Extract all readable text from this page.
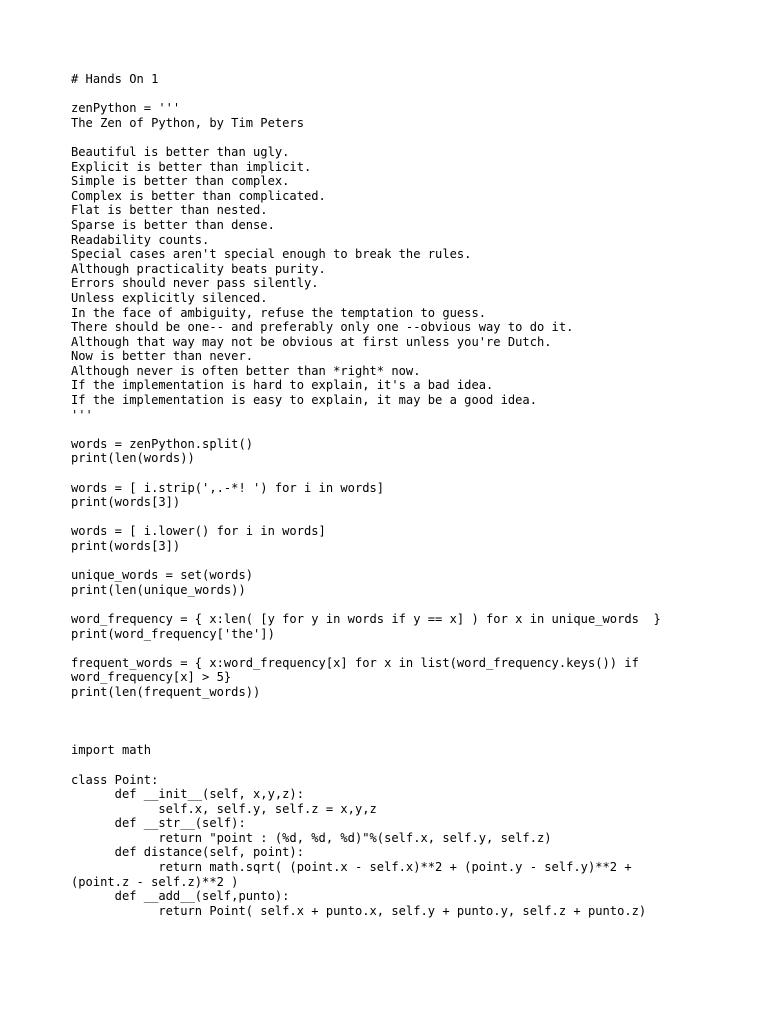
# Hands On 1
zenPython = '''
The Zen of Python, by Tim Peters
Beautiful is better than ugly.
Explicit is better than implicit.
Simple is better than complex.
Complex is better than complicated.
Flat is better than nested.
Sparse is better than dense.
Readability counts.
Special cases aren't special enough to break the rules.
Although practicality beats purity.
Errors should never pass silently.
Unless explicitly silenced.
In the face of ambiguity, refuse the temptation to guess.
There should be one-- and preferably only one --obvious way to do it.
Although that way may not be obvious at first unless you're Dutch.
Now is better than never.
Although never is often better than *right* now.
If the implementation is hard to explain, it's a bad idea.
If the implementation is easy to explain, it may be a good idea.
'''
words = zenPython.split()
print(len(words))
words = [ i.strip(',.-*! ') for i in words]
print(words[3])
words = [ i.lower() for i in words]
print(words[3])
unique_words = set(words)
print(len(unique_words))
word_frequency = { x:len( [y for y in words if y == x] ) for x in unique_words  }
print(word_frequency['the'])
frequent_words = { x:word_frequency[x] for x in list(word_frequency.keys()) if
word_frequency[x] > 5}
print(len(frequent_words))
import math
class Point:
def __init__(self, x,y,z):
self.x, self.y, self.z = x,y,z
def __str__(self):
return "point : (%d, %d, %d)"%(self.x, self.y, self.z)
def distance(self, point):
return math.sqrt( (point.x - self.x)**2 + (point.y - self.y)**2 +
(point.z - self.z)**2 )
def __add__(self,punto):
return Point( self.x + punto.x, self.y + punto.y, self.z + punto.z)
